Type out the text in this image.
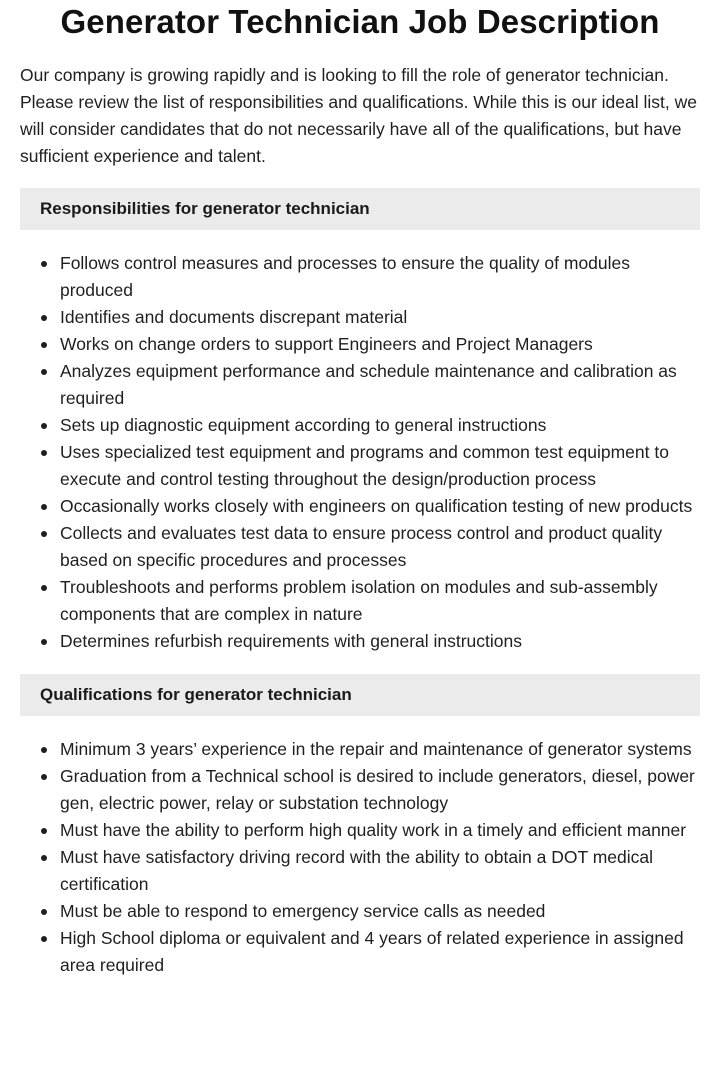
Generator Technician Job Description

Our company is growing rapidly and is looking to fill the role of generator technician. Please review the list of responsibilities and qualifications. While this is our ideal list, we will consider candidates that do not necessarily have all of the qualifications, but have sufficient experience and talent.

Responsibilities for generator technician
Follows control measures and processes to ensure the quality of modules produced
Identifies and documents discrepant material
Works on change orders to support Engineers and Project Managers
Analyzes equipment performance and schedule maintenance and calibration as required
Sets up diagnostic equipment according to general instructions
Uses specialized test equipment and programs and common test equipment to execute and control testing throughout the design/production process
Occasionally works closely with engineers on qualification testing of new products
Collects and evaluates test data to ensure process control and product quality based on specific procedures and processes
Troubleshoots and performs problem isolation on modules and sub-assembly components that are complex in nature
Determines refurbish requirements with general instructions
Qualifications for generator technician
Minimum 3 years’ experience in the repair and maintenance of generator systems
Graduation from a Technical school is desired to include generators, diesel, power gen, electric power, relay or substation technology
Must have the ability to perform high quality work in a timely and efficient manner
Must have satisfactory driving record with the ability to obtain a DOT medical certification
Must be able to respond to emergency service calls as needed
High School diploma or equivalent and 4 years of related experience in assigned area required
